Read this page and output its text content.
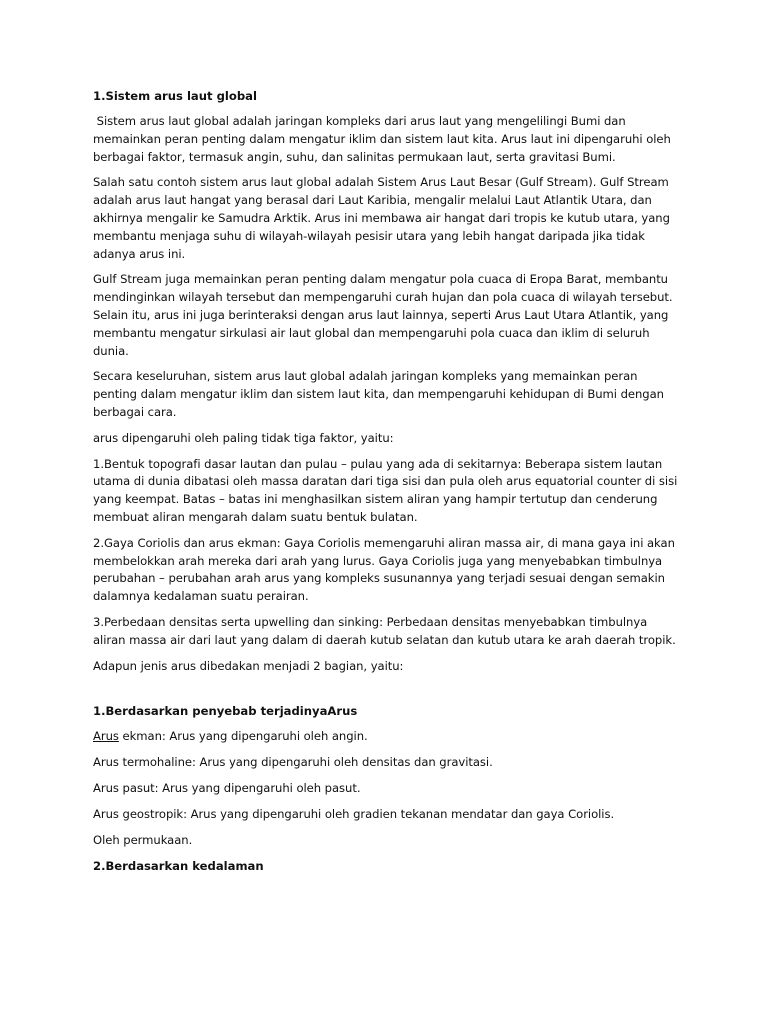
1.Sistem arus laut global

Sistem arus laut global adalah jaringan kompleks dari arus laut yang mengelilingi Bumi dan memainkan peran penting dalam mengatur iklim dan sistem laut kita. Arus laut ini dipengaruhi oleh berbagai faktor, termasuk angin, suhu, dan salinitas permukaan laut, serta gravitasi Bumi.

Salah satu contoh sistem arus laut global adalah Sistem Arus Laut Besar (Gulf Stream). Gulf Stream adalah arus laut hangat yang berasal dari Laut Karibia, mengalir melalui Laut Atlantik Utara, dan akhirnya mengalir ke Samudra Arktik. Arus ini membawa air hangat dari tropis ke kutub utara, yang membantu menjaga suhu di wilayah-wilayah pesisir utara yang lebih hangat daripada jika tidak adanya arus ini.

Gulf Stream juga memainkan peran penting dalam mengatur pola cuaca di Eropa Barat, membantu mendinginkan wilayah tersebut dan mempengaruhi curah hujan dan pola cuaca di wilayah tersebut. Selain itu, arus ini juga berinteraksi dengan arus laut lainnya, seperti Arus Laut Utara Atlantik, yang membantu mengatur sirkulasi air laut global dan mempengaruhi pola cuaca dan iklim di seluruh dunia.

Secara keseluruhan, sistem arus laut global adalah jaringan kompleks yang memainkan peran penting dalam mengatur iklim dan sistem laut kita, dan mempengaruhi kehidupan di Bumi dengan berbagai cara.

arus dipengaruhi oleh paling tidak tiga faktor, yaitu:

1.Bentuk topografi dasar lautan dan pulau – pulau yang ada di sekitarnya: Beberapa sistem lautan utama di dunia dibatasi oleh massa daratan dari tiga sisi dan pula oleh arus equatorial counter di sisi yang keempat. Batas – batas ini menghasilkan sistem aliran yang hampir tertutup dan cenderung membuat aliran mengarah dalam suatu bentuk bulatan.

2.Gaya Coriolis dan arus ekman: Gaya Coriolis memengaruhi aliran massa air, di mana gaya ini akan membelokkan arah mereka dari arah yang lurus. Gaya Coriolis juga yang menyebabkan timbulnya perubahan – perubahan arah arus yang kompleks susunannya yang terjadi sesuai dengan semakin dalamnya kedalaman suatu perairan.

3.Perbedaan densitas serta upwelling dan sinking: Perbedaan densitas menyebabkan timbulnya aliran massa air dari laut yang dalam di daerah kutub selatan dan kutub utara ke arah daerah tropik.

Adapun jenis arus dibedakan menjadi 2 bagian, yaitu:

1.Berdasarkan penyebab terjadinyaArus

Arus ekman: Arus yang dipengaruhi oleh angin.

Arus termohaline: Arus yang dipengaruhi oleh densitas dan gravitasi.

Arus pasut: Arus yang dipengaruhi oleh pasut.

Arus geostropik: Arus yang dipengaruhi oleh gradien tekanan mendatar dan gaya Coriolis.

Oleh permukaan.

2.Berdasarkan kedalaman
